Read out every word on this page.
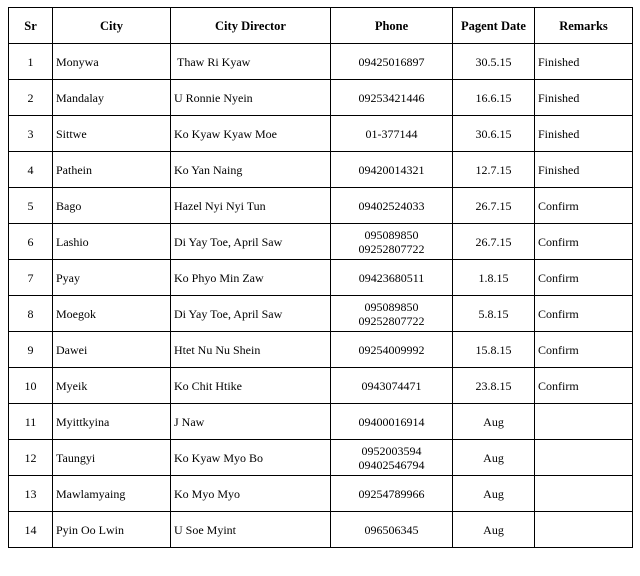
Sr	City	City Director	Phone	Pagent Date	Remarks
1	Monywa	Thaw Ri Kyaw	09425016897	30.5.15	Finished
2	Mandalay	U Ronnie Nyein	09253421446	16.6.15	Finished
3	Sittwe	Ko Kyaw Kyaw Moe	01-377144	30.6.15	Finished
4	Pathein	Ko Yan Naing	09420014321	12.7.15	Finished
5	Bago	Hazel Nyi Nyi Tun	09402524033	26.7.15	Confirm
6	Lashio	Di Yay Toe, April Saw	095089850
09252807722	26.7.15	Confirm
7	Pyay	Ko Phyo Min Zaw	09423680511	1.8.15	Confirm
8	Moegok	Di Yay Toe, April Saw	095089850
09252807722	5.8.15	Confirm
9	Dawei	Htet Nu Nu Shein	09254009992	15.8.15	Confirm
10	Myeik	Ko Chit Htike	0943074471	23.8.15	Confirm
11	Myittkyina	J Naw	09400016914	Aug	
12	Taungyi	Ko Kyaw Myo Bo	0952003594
09402546794	Aug	
13	Mawlamyaing	Ko Myo Myo	09254789966	Aug	
14	Pyin Oo Lwin	U Soe Myint	096506345	Aug	
